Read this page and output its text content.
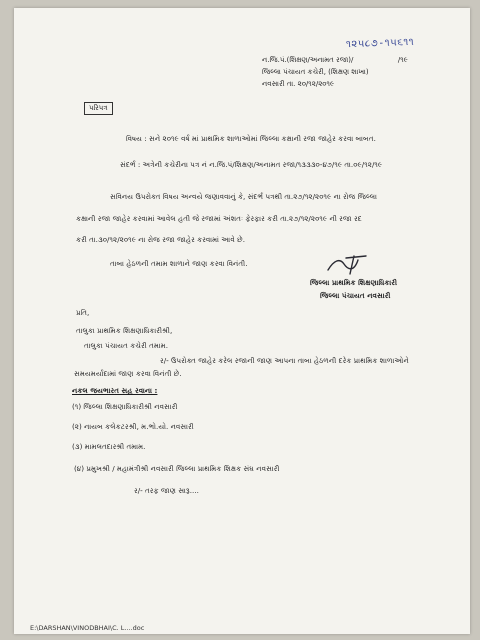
૧૨૫૮૭-૧૫૬૧૧
ન.જિ.પં.(શિક્ષણ/અનામત રજા)/	/૧૯
જિલ્લા પંચાયત કચેરી, (શિક્ષણ શાખા)
નવસારી તા. ૨૦/૧૨/૨૦૧૯
પરિપત્ર
વિષય : સને ૨૦૧૯ વર્ષ માં પ્રાથમિક શાળાઓમાં જિલ્લા કક્ષાની રજા જાહેર કરવા બાબત.
સંદર્ભ : અત્રેની કચેરીના પત્ર નં ન.જિ.પં/શિક્ષણ/અનામત રજા/૧૩૩૩૦-૪૭/૧૯ તા.૦૯/૧૨/૧૯
સવિનય ઉપરોક્ત વિષય અન્વયે જણાવવાનું કે, સંદર્ભ પત્રથી તા.૨૭/૧૨/૨૦૧૯ ના રોજ જિલ્લા
કક્ષાની રજા જાહેર કરવામાં આવેલ હતી જે રજામાં અંશતઃ ફેરફાર કરી તા.૨૭/૧૨/૨૦૧૯ ની રજા રદ
કરી તા.૩૦/૧૨/૨૦૧૯ ના રોજ રજા જાહેર કરવામાં આવે છે.
તાબા હેઠળની તમામ શાળાને જાણ કરવા વિનંતી.
જિલ્લા પ્રાથમિક શિક્ષણાધિકારી
જિલ્લા પંચાયત નવસારી
પ્રતિ,
તાલુકા પ્રાથમિક શિક્ષણાધિકારીશ્રી,
તાલુકા પંચાયત કચેરી તમામ.
ર/- ઉપરોક્ત જાહેર કરેલ રજાની જાણ આપના તાબા હેઠળની દરેક પ્રાથમિક શાળાઓને
સમયમર્યાદામાં જાણ કરવા વિનંતી છે.
નકલ જયભારત સહ રવાના :
(૧) જિલ્લા શિક્ષણાધિકારીશ્રી નવસારી
(૨) નાયબ કલેકટરશ્રી, મ.ભો.યો. નવસારી
(૩) મામલતદારશ્રી તમામ.
(૪) પ્રમુખશ્રી / મહામંત્રીશ્રી નવસારી જિલ્લા પ્રાથમિક શિક્ષક સંઘ નવસારી
ર/- તરફ જાણ સારૂ....
E:\DARSHAN\VINODBHAI\C. L....doc
